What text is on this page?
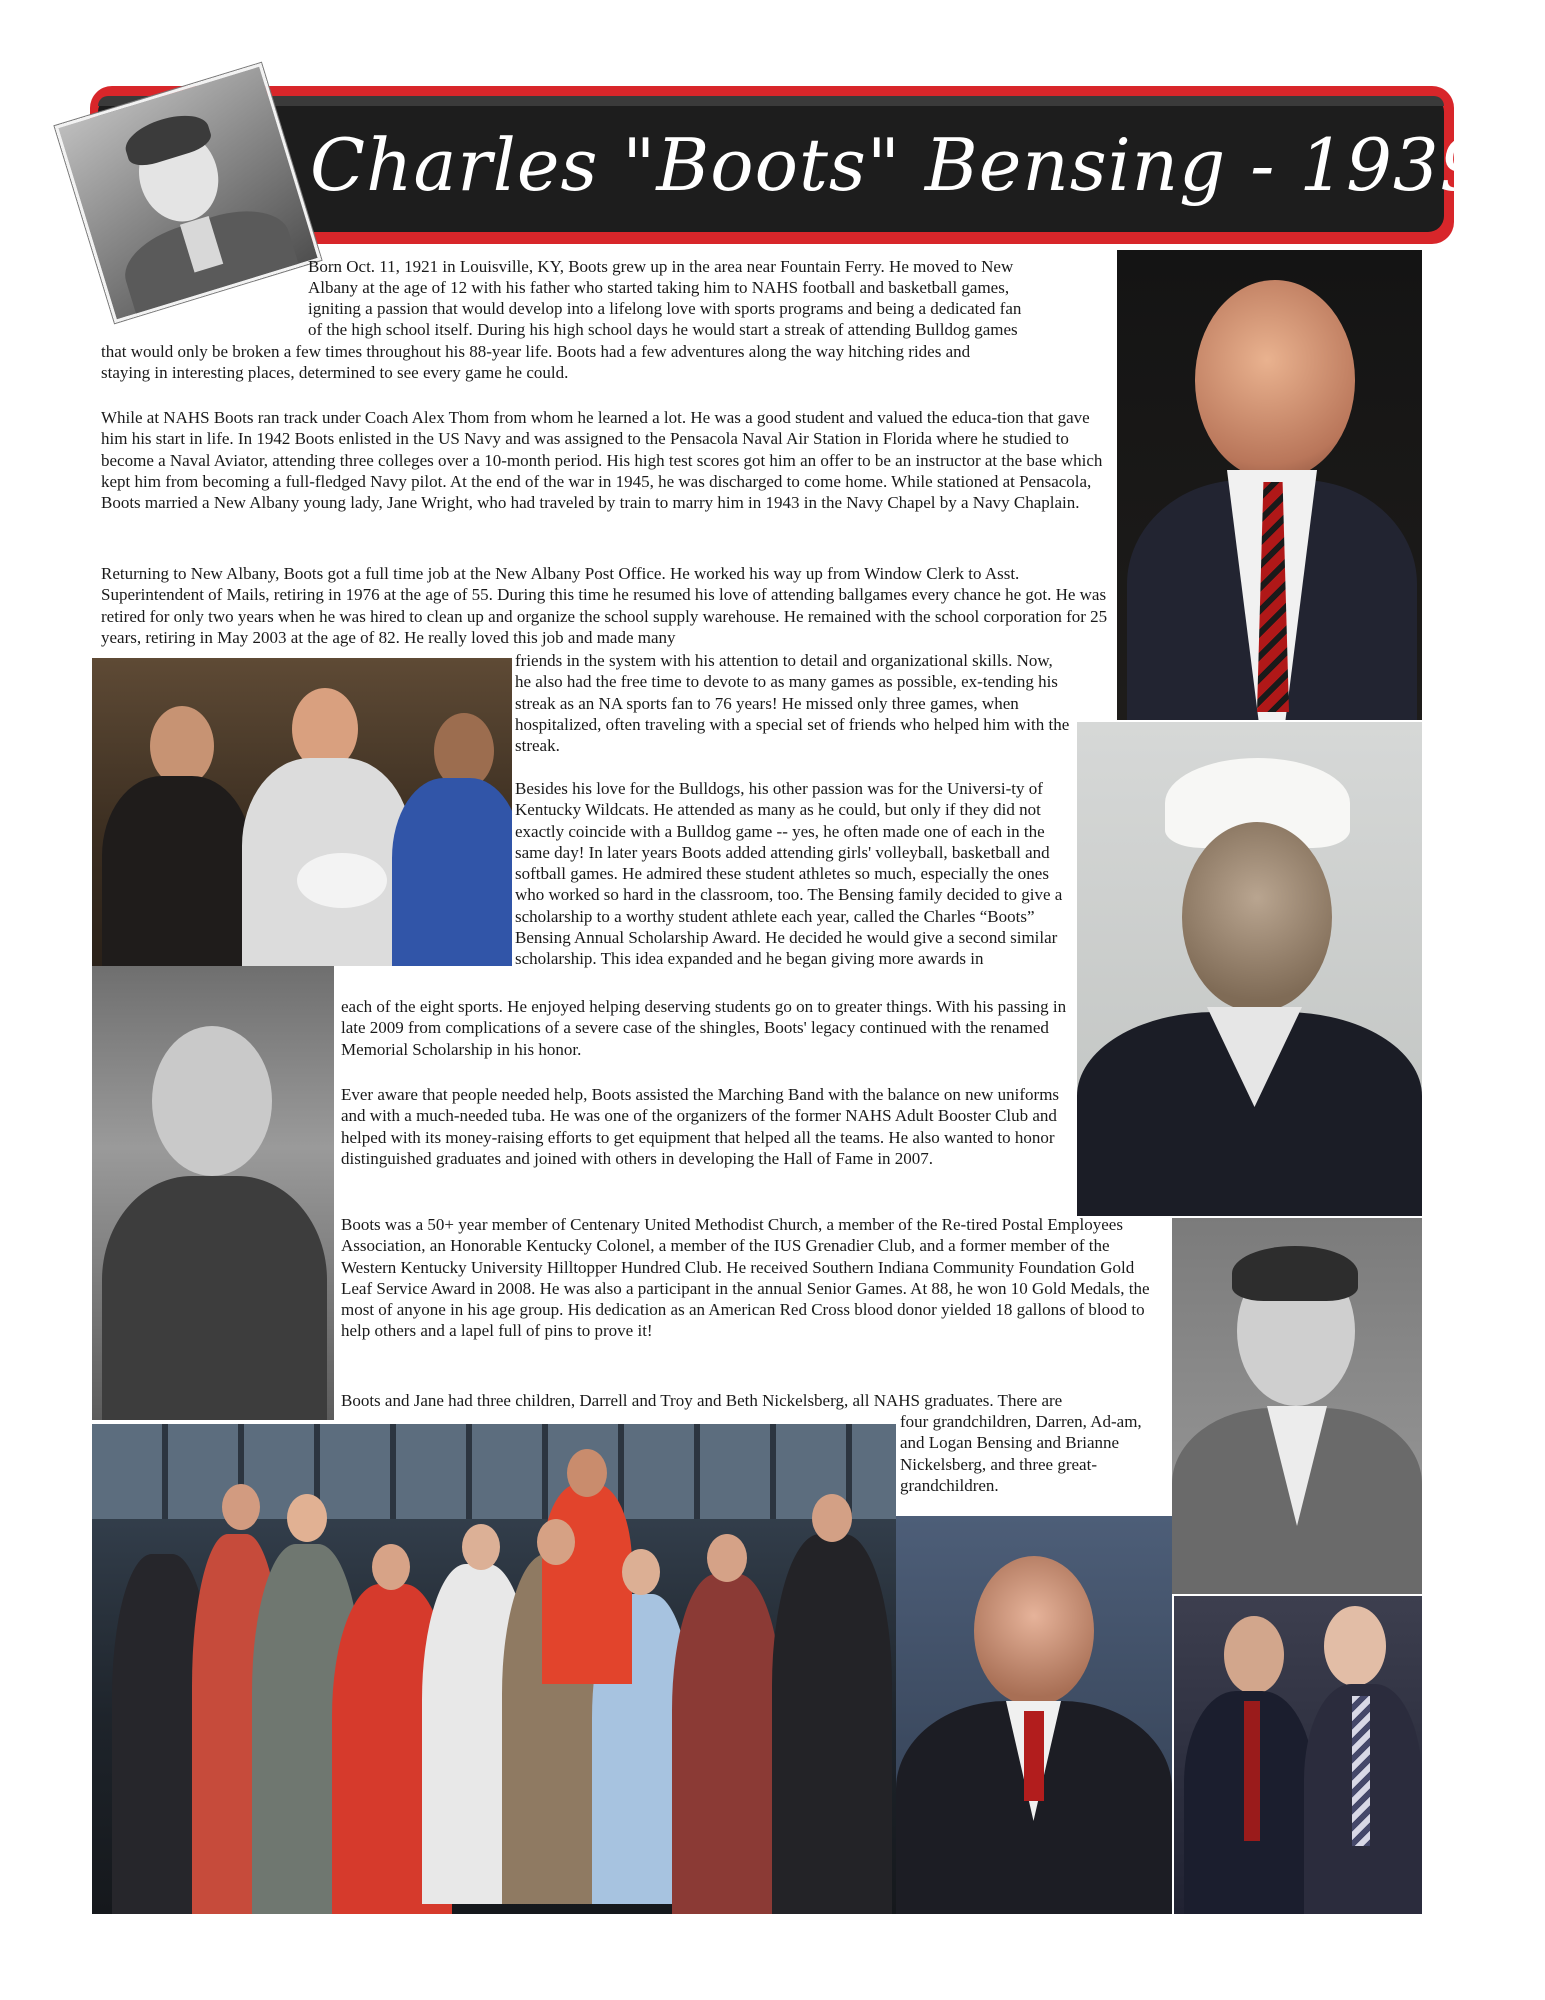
Charles "Boots" Bensing - 1939

Born Oct. 11, 1921 in Louisville, KY, Boots grew up in the area near Fountain Ferry. He moved to New

Albany at the age of 12 with his father who started taking him to NAHS football and basketball games,

igniting a passion that would develop into a lifelong love with sports programs and being a dedicated fan

of the high school itself. During his high school days he would start a streak of attending Bulldog games

that would only be broken a few times throughout his 88-year life. Boots had a few adventures along the way hitching rides and

staying in interesting places, determined to see every game he could.

While at NAHS Boots ran track under Coach Alex Thom from whom he learned a lot. He was a good student and valued the educa-tion that gave him his start in life. In 1942 Boots enlisted in the US Navy and was assigned to the Pensacola Naval Air Station in Florida where he studied to become a Naval Aviator, attending three colleges over a 10-month period. His high test scores got him an offer to be an instructor at the base which kept him from becoming a full-fledged Navy pilot. At the end of the war in 1945, he was discharged to come home. While stationed at Pensacola, Boots married a New Albany young lady, Jane Wright, who had traveled by train to marry him in 1943 in the Navy Chapel by a Navy Chaplain.
Returning to New Albany, Boots got a full time job at the New Albany Post Office. He worked his way up from Window Clerk to Asst. Superintendent of Mails, retiring in 1976 at the age of 55. During this time he resumed his love of attending ballgames every chance he got. He was retired for only two years when he was hired to clean up and organize the school supply warehouse. He remained with the school corporation for 25 years, retiring in May 2003 at the age of 82. He really loved this job and made many
friends in the system with his attention to detail and organizational skills. Now, he also had the free time to devote to as many games as possible, ex-tending his streak as an NA sports fan to 76 years! He missed only three games, when hospitalized, often traveling with a special set of friends who helped him with the streak.
Besides his love for the Bulldogs, his other passion was for the Universi-ty of Kentucky Wildcats. He attended as many as he could, but only if they did not exactly coincide with a Bulldog game -- yes, he often made one of each in the same day! In later years Boots added attending girls' volleyball, basketball and softball games. He admired these student athletes so much, especially the ones who worked so hard in the classroom, too. The Bensing family decided to give a scholarship to a worthy student athlete each year, called the Charles “Boots” Bensing Annual Scholarship Award. He decided he would give a second similar scholarship. This idea expanded and he began giving more awards in
each of the eight sports. He enjoyed helping deserving students go on to greater things. With his passing in late 2009 from complications of a severe case of the shingles, Boots' legacy continued with the renamed Memorial Scholarship in his honor.
Ever aware that people needed help, Boots assisted the Marching Band with the balance on new uniforms and with a much-needed tuba. He was one of the organizers of the former NAHS Adult Booster Club and helped with its money-raising efforts to get equipment that helped all the teams. He also wanted to honor distinguished graduates and joined with others in developing the Hall of Fame in 2007.
Boots was a 50+ year member of Centenary United Methodist Church, a member of the Re-tired Postal Employees Association, an Honorable Kentucky Colonel, a member of the IUS Grenadier Club, and a former member of the Western Kentucky University Hilltopper Hundred Club. He received Southern Indiana Community Foundation Gold Leaf Service Award in 2008. He was also a participant in the annual Senior Games. At 88, he won 10 Gold Medals, the most of anyone in his age group. His dedication as an American Red Cross blood donor yielded 18 gallons of blood to help others and a lapel full of pins to prove it!
Boots and Jane had three children, Darrell and Troy and Beth Nickelsberg, all NAHS graduates. There are
four grandchildren, Darren, Ad-am, and Logan Bensing and Brianne Nickelsberg, and three great-grandchildren.
